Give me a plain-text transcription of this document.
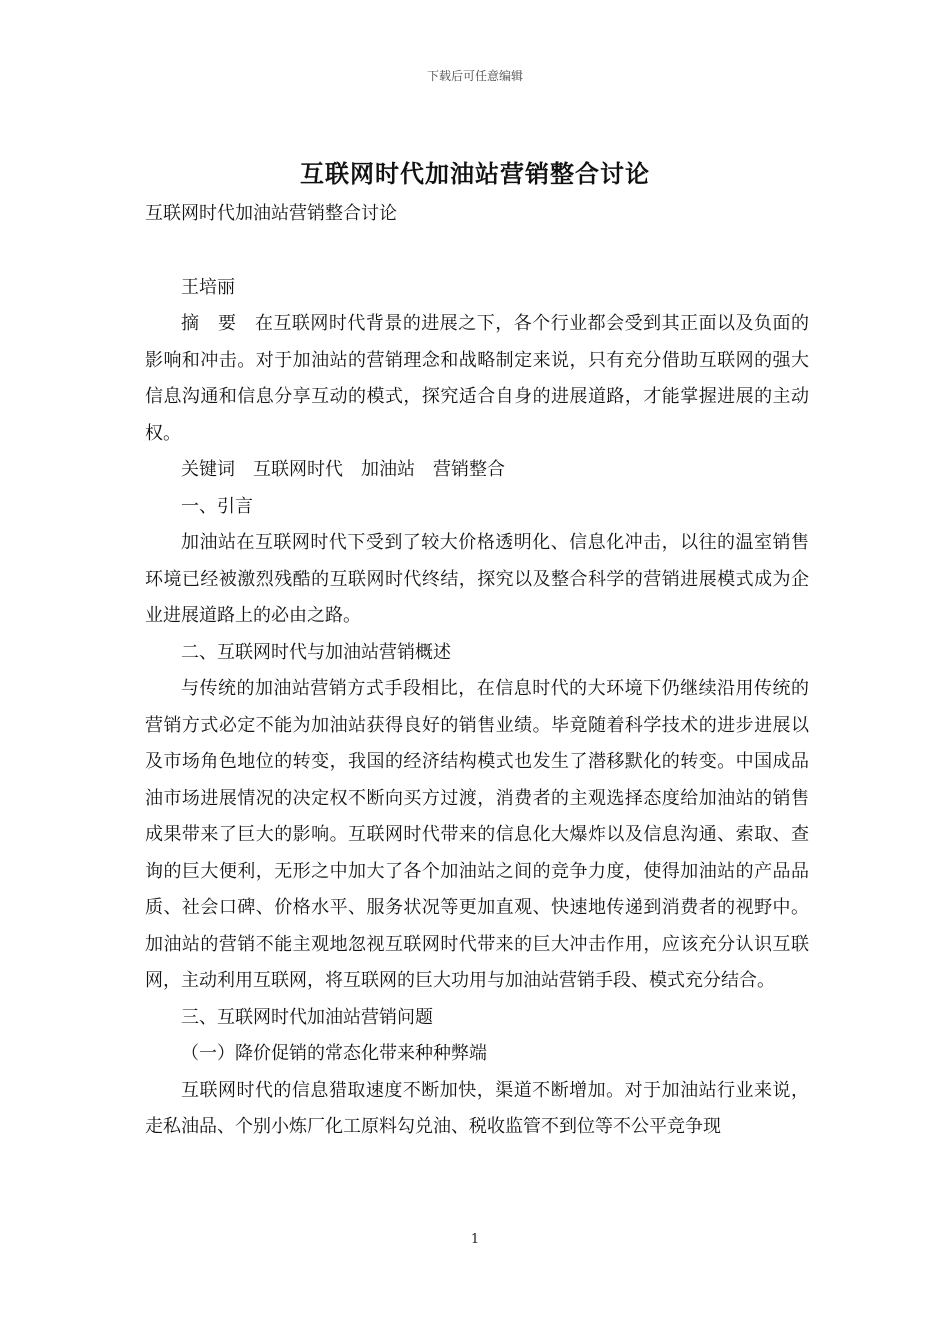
下载后可任意编辑
互联网时代加油站营销整合讨论

互联网时代加油站营销整合讨论

王培丽

摘　要　在互联网时代背景的进展之下，各个行业都会受到其正面以及负面的影响和冲击。对于加油站的营销理念和战略制定来说，只有充分借助互联网的强大信息沟通和信息分享互动的模式，探究适合自身的进展道路，才能掌握进展的主动权。

关键词　互联网时代　加油站　营销整合

一、引言

加油站在互联网时代下受到了较大价格透明化、信息化冲击，以往的温室销售环境已经被激烈残酷的互联网时代终结，探究以及整合科学的营销进展模式成为企业进展道路上的必由之路。

二、互联网时代与加油站营销概述

与传统的加油站营销方式手段相比，在信息时代的大环境下仍继续沿用传统的营销方式必定不能为加油站获得良好的销售业绩。毕竟随着科学技术的进步进展以及市场角色地位的转变，我国的经济结构模式也发生了潜移默化的转变。中国成品油市场进展情况的决定权不断向买方过渡，消费者的主观选择态度给加油站的销售成果带来了巨大的影响。互联网时代带来的信息化大爆炸以及信息沟通、索取、查询的巨大便利，无形之中加大了各个加油站之间的竞争力度，使得加油站的产品品质、社会口碑、价格水平、服务状况等更加直观、快速地传递到消费者的视野中。加油站的营销不能主观地忽视互联网时代带来的巨大冲击作用，应该充分认识互联网，主动利用互联网，将互联网的巨大功用与加油站营销手段、模式充分结合。

三、互联网时代加油站营销问题

（一）降价促销的常态化带来种种弊端

互联网时代的信息猎取速度不断加快，渠道不断增加。对于加油站行业来说，走私油品、个别小炼厂化工原料勾兑油、税收监管不到位等不公平竞争现

1
